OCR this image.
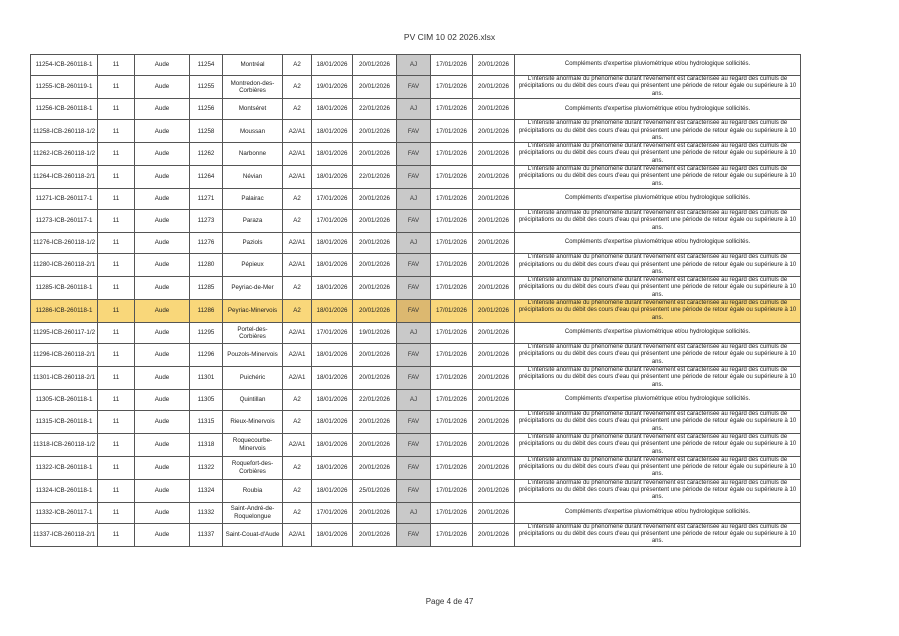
PV CIM 10 02 2026.xlsx
11254-ICB-260118-1	11	Aude	11254	Montréal	A2	18/01/2026	20/01/2026	AJ	17/01/2026	20/01/2026	Compléments d'expertise pluviométrique et/ou hydrologique sollicités.
11255-ICB-260119-1	11	Aude	11255	Montredon-des-Corbières	A2	19/01/2026	20/01/2026	FAV	17/01/2026	20/01/2026	L'intensité anormale du phénomène durant l'événement est caractérisée au regard des cumuls de précipitations ou du débit des cours d'eau qui présentent une période de retour égale ou supérieure à 10 ans.
11256-ICB-260118-1	11	Aude	11256	Montséret	A2	18/01/2026	22/01/2026	AJ	17/01/2026	20/01/2026	Compléments d'expertise pluviométrique et/ou hydrologique sollicités.
11258-ICB-260118-1/2	11	Aude	11258	Moussan	A2/A1	18/01/2026	20/01/2026	FAV	17/01/2026	20/01/2026	L'intensité anormale du phénomène durant l'événement est caractérisée au regard des cumuls de précipitations ou du débit des cours d'eau qui présentent une période de retour égale ou supérieure à 10 ans.
11262-ICB-260118-1/2	11	Aude	11262	Narbonne	A2/A1	18/01/2026	20/01/2026	FAV	17/01/2026	20/01/2026	L'intensité anormale du phénomène durant l'événement est caractérisée au regard des cumuls de précipitations ou du débit des cours d'eau qui présentent une période de retour égale ou supérieure à 10 ans.
11264-ICB-260118-2/1	11	Aude	11264	Névian	A2/A1	18/01/2026	22/01/2026	FAV	17/01/2026	20/01/2026	L'intensité anormale du phénomène durant l'événement est caractérisée au regard des cumuls de précipitations ou du débit des cours d'eau qui présentent une période de retour égale ou supérieure à 10 ans.
11271-ICB-260117-1	11	Aude	11271	Palairac	A2	17/01/2026	20/01/2026	AJ	17/01/2026	20/01/2026	Compléments d'expertise pluviométrique et/ou hydrologique sollicités.
11273-ICB-260117-1	11	Aude	11273	Paraza	A2	17/01/2026	20/01/2026	FAV	17/01/2026	20/01/2026	L'intensité anormale du phénomène durant l'événement est caractérisée au regard des cumuls de précipitations ou du débit des cours d'eau qui présentent une période de retour égale ou supérieure à 10 ans.
11276-ICB-260118-1/2	11	Aude	11276	Paziols	A2/A1	18/01/2026	20/01/2026	AJ	17/01/2026	20/01/2026	Compléments d'expertise pluviométrique et/ou hydrologique sollicités.
11280-ICB-260118-2/1	11	Aude	11280	Pépieux	A2/A1	18/01/2026	20/01/2026	FAV	17/01/2026	20/01/2026	L'intensité anormale du phénomène durant l'événement est caractérisée au regard des cumuls de précipitations ou du débit des cours d'eau qui présentent une période de retour égale ou supérieure à 10 ans.
11285-ICB-260118-1	11	Aude	11285	Peyriac-de-Mer	A2	18/01/2026	20/01/2026	FAV	17/01/2026	20/01/2026	L'intensité anormale du phénomène durant l'événement est caractérisée au regard des cumuls de précipitations ou du débit des cours d'eau qui présentent une période de retour égale ou supérieure à 10 ans.
11286-ICB-260118-1	11	Aude	11286	Peyriac-Minervois	A2	18/01/2026	20/01/2026	FAV	17/01/2026	20/01/2026	L'intensité anormale du phénomène durant l'événement est caractérisée au regard des cumuls de précipitations ou du débit des cours d'eau qui présentent une période de retour égale ou supérieure à 10 ans.
11295-ICB-260117-1/2	11	Aude	11295	Portel-des-Corbières	A2/A1	17/01/2026	19/01/2026	AJ	17/01/2026	20/01/2026	Compléments d'expertise pluviométrique et/ou hydrologique sollicités.
11296-ICB-260118-2/1	11	Aude	11296	Pouzols-Minervois	A2/A1	18/01/2026	20/01/2026	FAV	17/01/2026	20/01/2026	L'intensité anormale du phénomène durant l'événement est caractérisée au regard des cumuls de précipitations ou du débit des cours d'eau qui présentent une période de retour égale ou supérieure à 10 ans.
11301-ICB-260118-2/1	11	Aude	11301	Puichéric	A2/A1	18/01/2026	20/01/2026	FAV	17/01/2026	20/01/2026	L'intensité anormale du phénomène durant l'événement est caractérisée au regard des cumuls de précipitations ou du débit des cours d'eau qui présentent une période de retour égale ou supérieure à 10 ans.
11305-ICB-260118-1	11	Aude	11305	Quintillan	A2	18/01/2026	22/01/2026	AJ	17/01/2026	20/01/2026	Compléments d'expertise pluviométrique et/ou hydrologique sollicités.
11315-ICB-260118-1	11	Aude	11315	Rieux-Minervois	A2	18/01/2026	20/01/2026	FAV	17/01/2026	20/01/2026	L'intensité anormale du phénomène durant l'événement est caractérisée au regard des cumuls de précipitations ou du débit des cours d'eau qui présentent une période de retour égale ou supérieure à 10 ans.
11318-ICB-260118-1/2	11	Aude	11318	Roquecourbe-Minervois	A2/A1	18/01/2026	20/01/2026	FAV	17/01/2026	20/01/2026	L'intensité anormale du phénomène durant l'événement est caractérisée au regard des cumuls de précipitations ou du débit des cours d'eau qui présentent une période de retour égale ou supérieure à 10 ans.
11322-ICB-260118-1	11	Aude	11322	Roquefort-des-Corbières	A2	18/01/2026	20/01/2026	FAV	17/01/2026	20/01/2026	L'intensité anormale du phénomène durant l'événement est caractérisée au regard des cumuls de précipitations ou du débit des cours d'eau qui présentent une période de retour égale ou supérieure à 10 ans.
11324-ICB-260118-1	11	Aude	11324	Roubia	A2	18/01/2026	25/01/2026	FAV	17/01/2026	20/01/2026	L'intensité anormale du phénomène durant l'événement est caractérisée au regard des cumuls de précipitations ou du débit des cours d'eau qui présentent une période de retour égale ou supérieure à 10 ans.
11332-ICB-260117-1	11	Aude	11332	Saint-André-de-Roquelongue	A2	17/01/2026	20/01/2026	AJ	17/01/2026	20/01/2026	Compléments d'expertise pluviométrique et/ou hydrologique sollicités.
11337-ICB-260118-2/1	11	Aude	11337	Saint-Couat-d'Aude	A2/A1	18/01/2026	20/01/2026	FAV	17/01/2026	20/01/2026	L'intensité anormale du phénomène durant l'événement est caractérisée au regard des cumuls de précipitations ou du débit des cours d'eau qui présentent une période de retour égale ou supérieure à 10 ans.
Page 4 de 47
